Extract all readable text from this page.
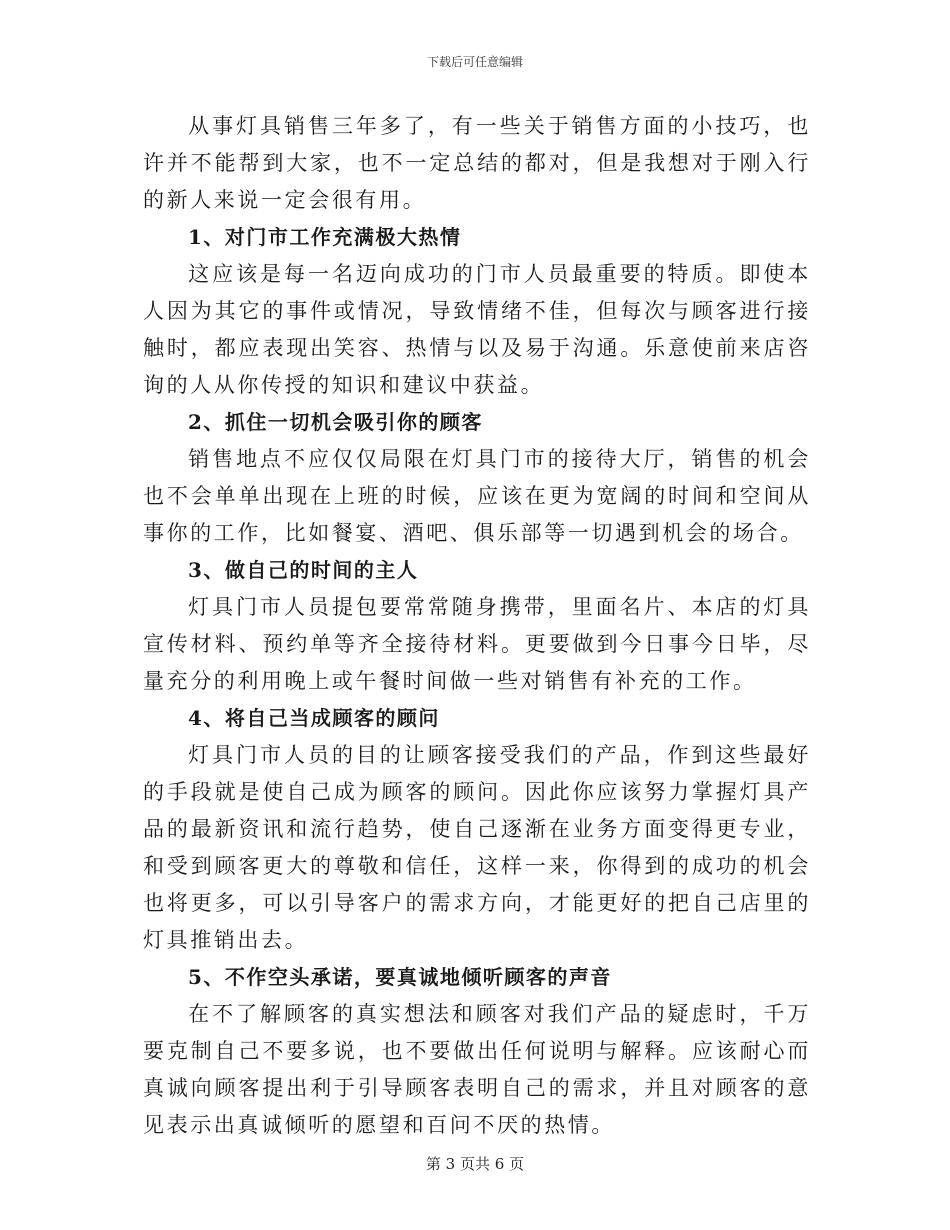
下载后可任意编辑

从事灯具销售三年多了，有一些关于销售方面的小技巧，也许并不能帮到大家，也不一定总结的都对，但是我想对于刚入行的新人来说一定会很有用。

1、对门市工作充满极大热情

这应该是每一名迈向成功的门市人员最重要的特质。即使本人因为其它的事件或情况，导致情绪不佳，但每次与顾客进行接触时，都应表现出笑容、热情与以及易于沟通。乐意使前来店咨询的人从你传授的知识和建议中获益。

2、抓住一切机会吸引你的顾客

销售地点不应仅仅局限在灯具门市的接待大厅，销售的机会也不会单单出现在上班的时候，应该在更为宽阔的时间和空间从事你的工作，比如餐宴、酒吧、俱乐部等一切遇到机会的场合。

3、做自己的时间的主人

灯具门市人员提包要常常随身携带，里面名片、本店的灯具宣传材料、预约单等齐全接待材料。更要做到今日事今日毕，尽量充分的利用晚上或午餐时间做一些对销售有补充的工作。

4、将自己当成顾客的顾问

灯具门市人员的目的让顾客接受我们的产品，作到这些最好的手段就是使自己成为顾客的顾问。因此你应该努力掌握灯具产品的最新资讯和流行趋势，使自己逐渐在业务方面变得更专业，和受到顾客更大的尊敬和信任，这样一来，你得到的成功的机会也将更多，可以引导客户的需求方向，才能更好的把自己店里的灯具推销出去。

5、不作空头承诺，要真诚地倾听顾客的声音

在不了解顾客的真实想法和顾客对我们产品的疑虑时，千万要克制自己不要多说，也不要做出任何说明与解释。应该耐心而真诚向顾客提出利于引导顾客表明自己的需求，并且对顾客的意见表示出真诚倾听的愿望和百问不厌的热情。

第 3 页共 6 页
